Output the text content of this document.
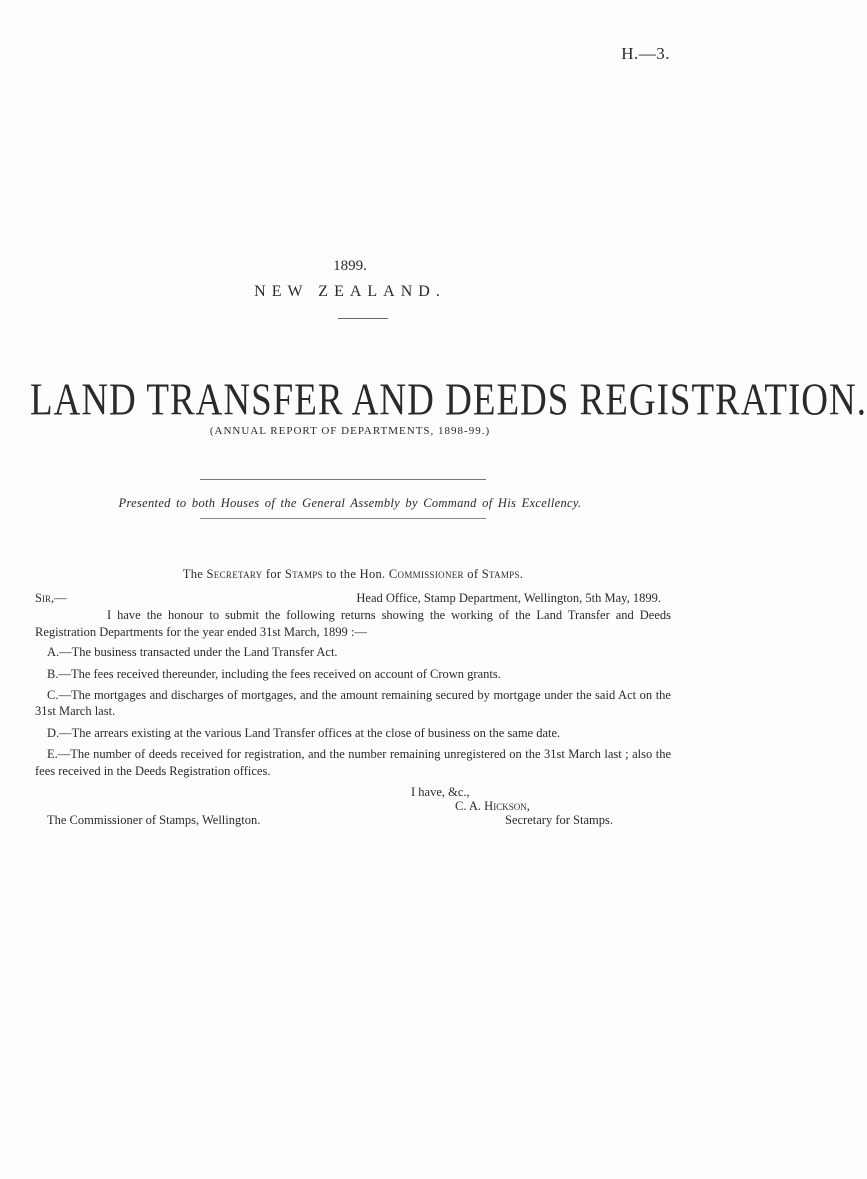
H.—3.
1899.
NEW ZEALAND.
LAND TRANSFER AND DEEDS REGISTRATION.
(ANNUAL REPORT OF DEPARTMENTS, 1898-99.)
Presented to both Houses of the General Assembly by Command of His Excellency.

The Secretary for Stamps to the Hon. Commissioner of Stamps.

Sir,—	Head Office, Stamp Department, Wellington, 5th May, 1899.

I have the honour to submit the following returns showing the working of the Land Transfer and Deeds Registration Departments for the year ended 31st March, 1899 :—

A.—The business transacted under the Land Transfer Act.

B.—The fees received thereunder, including the fees received on account of Crown grants.

C.—The mortgages and discharges of mortgages, and the amount remaining secured by mortgage under the said Act on the 31st March last.

D.—The arrears existing at the various Land Transfer offices at the close of business on the same date.

E.—The number of deeds received for registration, and the number remaining unregistered on the 31st March last ; also the fees received in the Deeds Registration offices.

I have, &c.,
C. A. Hickson,
Secretary for Stamps.
The Commissioner of Stamps, Wellington.
